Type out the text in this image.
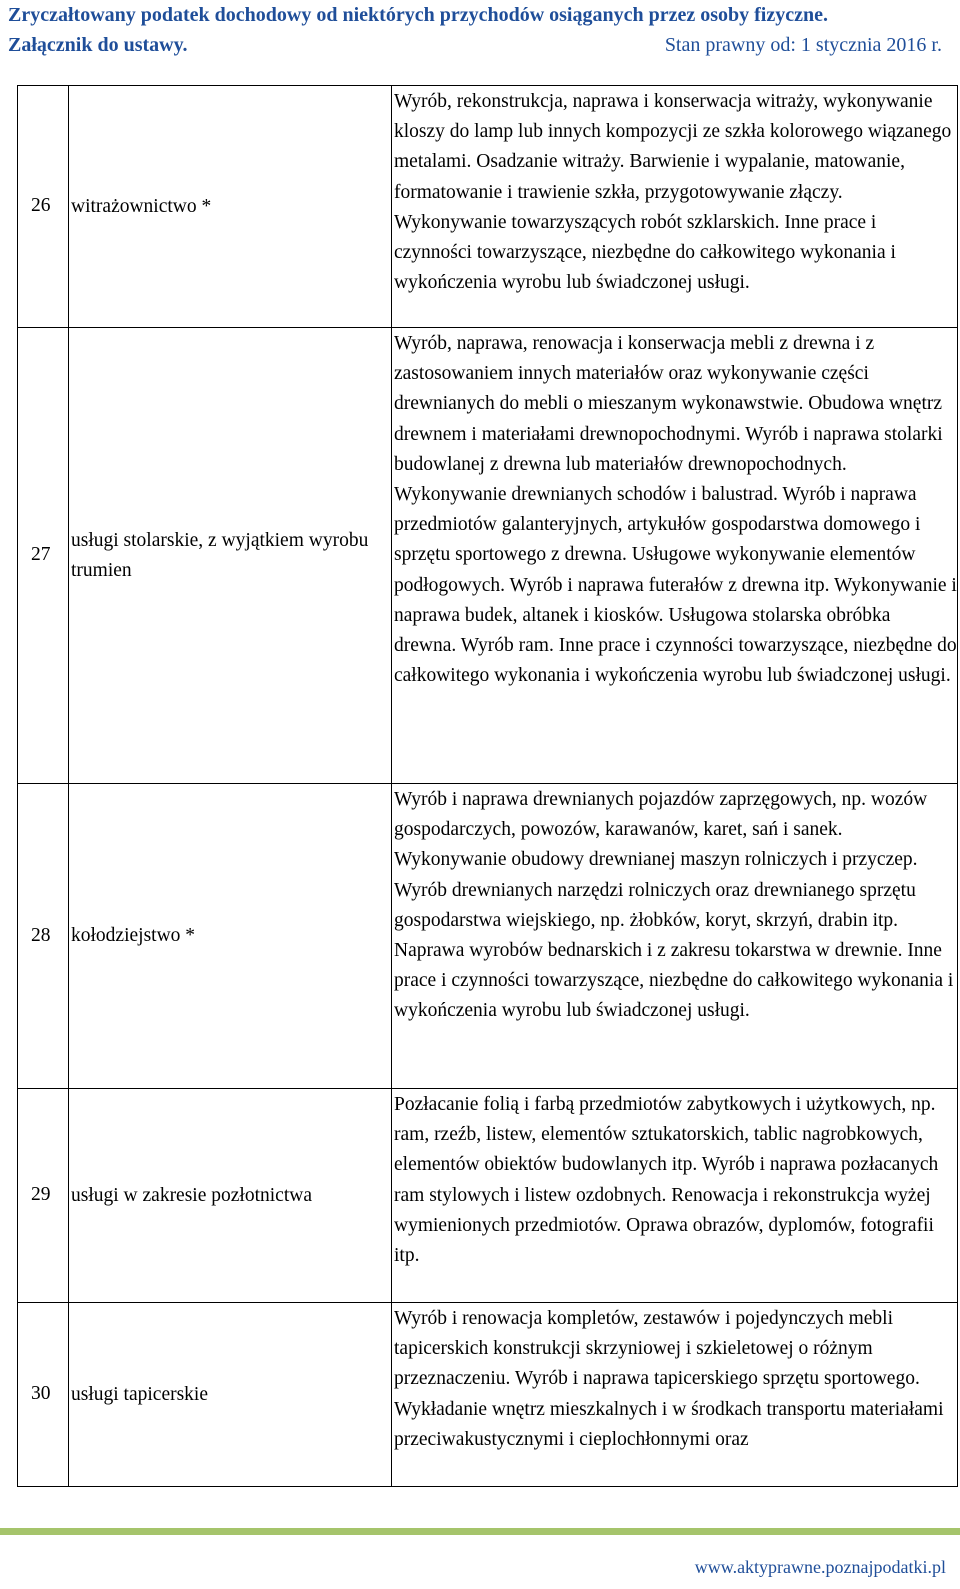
Zryczałtowany podatek dochodowy od niektórych przychodów osiąganych przez osoby fizyczne.
Załącznik do ustawy.	Stan prawny od: 1 stycznia 2016 r.
26	witrażownictwo *	Wyrób, rekonstrukcja, naprawa i konserwacja witraży, wykonywanie kloszy do lamp lub innych kompozycji ze szkła kolorowego wiązanego metalami. Osadzanie witraży. Barwienie i wypalanie, matowanie, formatowanie i trawienie szkła, przygotowywanie złączy. Wykonywanie towarzyszących robót szklarskich. Inne prace i czynności towarzyszące, niezbędne do całkowitego wykonania i wykończenia wyrobu lub świadczonej usługi.
27	usługi stolarskie, z wyjątkiem wyrobu trumien	Wyrób, naprawa, renowacja i konserwacja mebli z drewna i z zastosowaniem innych materiałów oraz wykonywanie części drewnianych do mebli o mieszanym wykonawstwie. Obudowa wnętrz drewnem i materiałami drewnopochodnymi. Wyrób i naprawa stolarki budowlanej z drewna lub materiałów drewnopochodnych. Wykonywanie drewnianych schodów i balustrad. Wyrób i naprawa przedmiotów galanteryjnych, artykułów gospodarstwa domowego i sprzętu sportowego z drewna. Usługowe wykonywanie elementów podłogowych. Wyrób i naprawa futerałów z drewna itp. Wykonywanie i naprawa budek, altanek i kiosków. Usługowa stolarska obróbka drewna. Wyrób ram. Inne prace i czynności towarzyszące, niezbędne do całkowitego wykonania i wykończenia wyrobu lub świadczonej usługi.
28	kołodziejstwo *	Wyrób i naprawa drewnianych pojazdów zaprzęgowych, np. wozów gospodarczych, powozów, karawanów, karet, sań i sanek. Wykonywanie obudowy drewnianej maszyn rolniczych i przyczep. Wyrób drewnianych narzędzi rolniczych oraz drewnianego sprzętu gospodarstwa wiejskiego, np. żłobków, koryt, skrzyń, drabin itp. Naprawa wyrobów bednarskich i z zakresu tokarstwa w drewnie. Inne prace i czynności towarzyszące, niezbędne do całkowitego wykonania i wykończenia wyrobu lub świadczonej usługi.
29	usługi w zakresie pozłotnictwa	Pozłacanie folią i farbą przedmiotów zabytkowych i użytkowych, np. ram, rzeźb, listew, elementów sztukatorskich, tablic nagrobkowych, elementów obiektów budowlanych itp. Wyrób i naprawa pozłacanych ram stylowych i listew ozdobnych. Renowacja i rekonstrukcja wyżej wymienionych przedmiotów. Oprawa obrazów, dyplomów, fotografii itp.
30	usługi tapicerskie	Wyrób i renowacja kompletów, zestawów i pojedynczych mebli tapicerskich konstrukcji skrzyniowej i szkieletowej o różnym przeznaczeniu. Wyrób i naprawa tapicerskiego sprzętu sportowego. Wykładanie wnętrz mieszkalnych i w środkach transportu materiałami przeciwakustycznymi i cieplochłonnymi oraz
www.aktyprawne.poznajpodatki.pl
